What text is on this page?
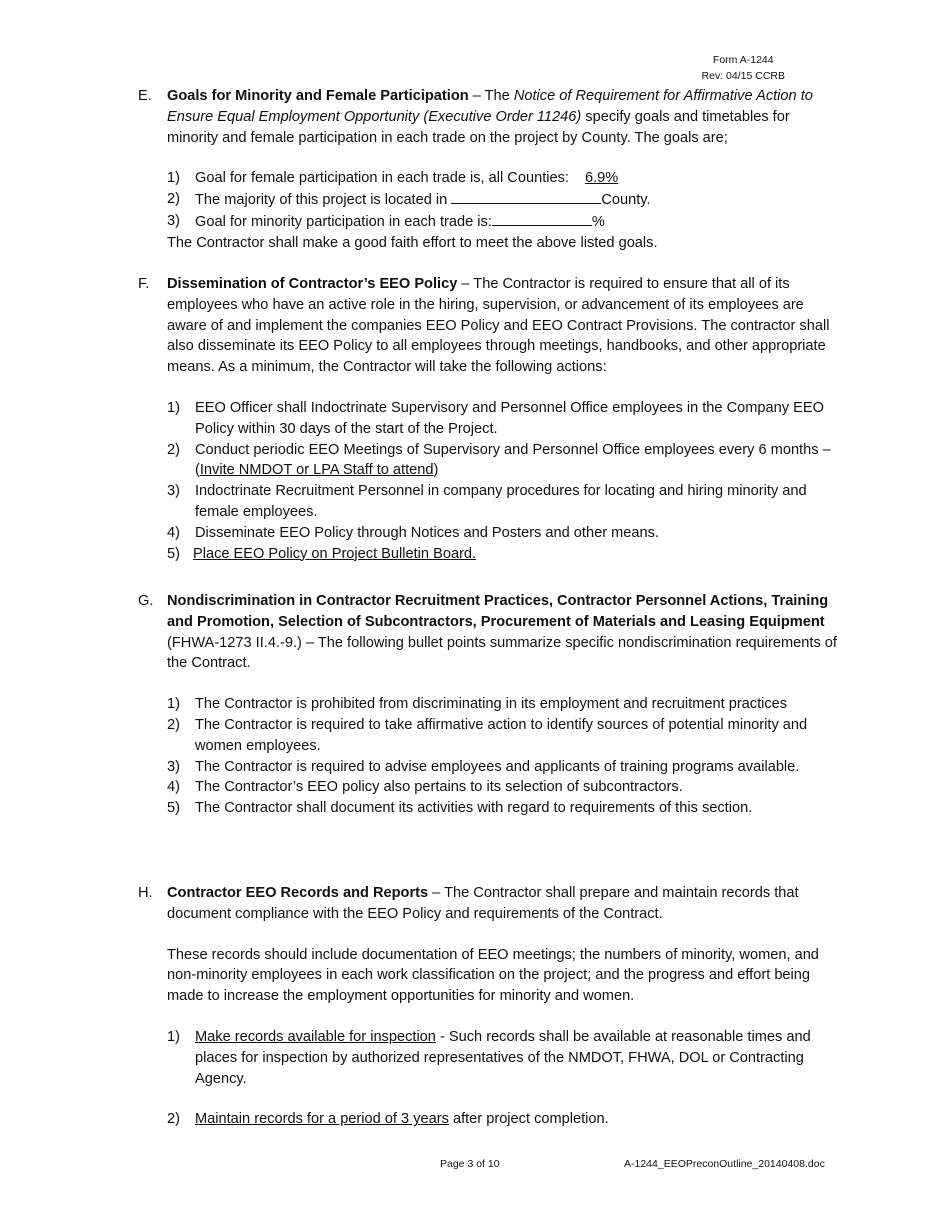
Form A-1244
Rev: 04/15 CCRB
E. Goals for Minority and Female Participation – The Notice of Requirement for Affirmative Action to Ensure Equal Employment Opportunity (Executive Order 11246) specify goals and timetables for minority and female participation in each trade on the project by County. The goals are;
1) Goal for female participation in each trade is, all Counties: 6.9%
2) The majority of this project is located in	County.
3) Goal for minority participation in each trade is:	%
The Contractor shall make a good faith effort to meet the above listed goals.
F. Dissemination of Contractor’s EEO Policy – The Contractor is required to ensure that all of its employees who have an active role in the hiring, supervision, or advancement of its employees are aware of and implement the companies EEO Policy and EEO Contract Provisions. The contractor shall also disseminate its EEO Policy to all employees through meetings, handbooks, and other appropriate means. As a minimum, the Contractor will take the following actions:
1) EEO Officer shall Indoctrinate Supervisory and Personnel Office employees in the Company EEO Policy within 30 days of the start of the Project.
2) Conduct periodic EEO Meetings of Supervisory and Personnel Office employees every 6 months – (Invite NMDOT or LPA Staff to attend)
3) Indoctrinate Recruitment Personnel in company procedures for locating and hiring minority and female employees.
4) Disseminate EEO Policy through Notices and Posters and other means.
5) Place EEO Policy on Project Bulletin Board.
G. Nondiscrimination in Contractor Recruitment Practices, Contractor Personnel Actions, Training and Promotion, Selection of Subcontractors, Procurement of Materials and Leasing Equipment (FHWA-1273 II.4.-9.) – The following bullet points summarize specific nondiscrimination requirements of the Contract.
1) The Contractor is prohibited from discriminating in its employment and recruitment practices
2) The Contractor is required to take affirmative action to identify sources of potential minority and women employees.
3) The Contractor is required to advise employees and applicants of training programs available.
4) The Contractor’s EEO policy also pertains to its selection of subcontractors.
5) The Contractor shall document its activities with regard to requirements of this section.
H. Contractor EEO Records and Reports – The Contractor shall prepare and maintain records that document compliance with the EEO Policy and requirements of the Contract.
These records should include documentation of EEO meetings; the numbers of minority, women, and non-minority employees in each work classification on the project; and the progress and effort being made to increase the employment opportunities for minority and women.
1) Make records available for inspection - Such records shall be available at reasonable times and places for inspection by authorized representatives of the NMDOT, FHWA, DOL or Contracting Agency.
2) Maintain records for a period of 3 years after project completion.
Page 3 of 10	A-1244_EEOPreconOutline_20140408.doc
